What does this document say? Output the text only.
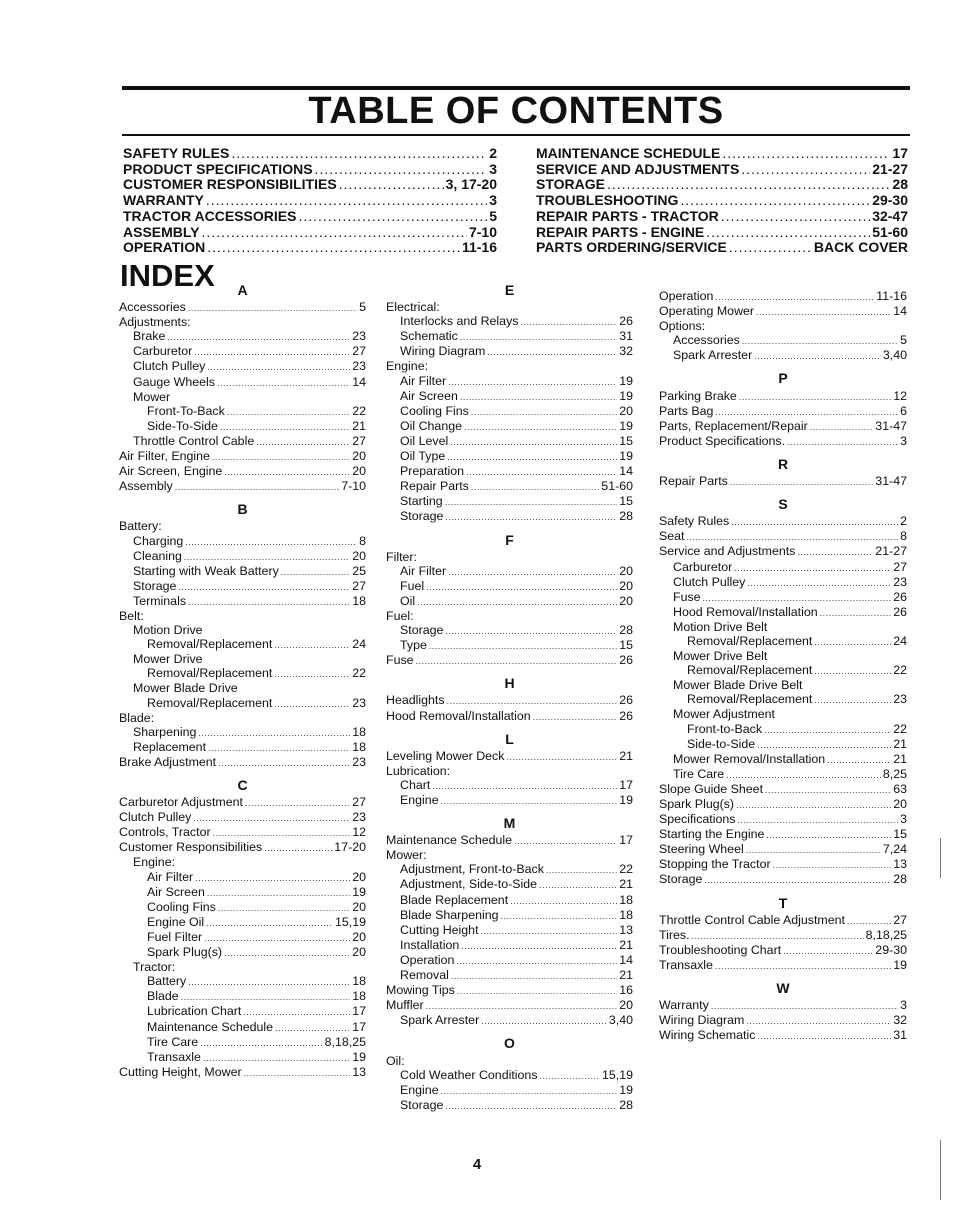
TABLE OF CONTENTS
SAFETY RULES .....	2
PRODUCT SPECIFICATIONS .....	3
CUSTOMER RESPONSIBILITIES .....	3, 17-20
WARRANTY .....	3
TRACTOR ACCESSORIES .....	5
ASSEMBLY .....	7-10
OPERATION .....	11-16
MAINTENANCE SCHEDULE .....	17
SERVICE AND ADJUSTMENTS .....	21-27
STORAGE .....	28
TROUBLESHOOTING .....	29-30
REPAIR PARTS - TRACTOR .....	32-47
REPAIR PARTS - ENGINE .....	51-60
PARTS ORDERING/SERVICE .....	BACK COVER
INDEX	A
Accessories .....	5
Adjustments:
Brake .....	23
Carburetor .....	27
Clutch Pulley .....	23
Gauge Wheels .....	14
Mower
Front-To-Back .....	22
Side-To-Side .....	21
Throttle Control Cable .....	27
Air Filter, Engine .....	20
Air Screen, Engine .....	20
Assembly .....	7-10
B
Battery:
Charging .....	8
Cleaning .....	20
Starting with Weak Battery .....	25
Storage .....	27
Terminals .....	18
Belt:
Motion Drive
Removal/Replacement .....	24
Mower Drive
Removal/Replacement .....	22
Mower Blade Drive
Removal/Replacement .....	23
Blade:
Sharpening .....	18
Replacement .....	18
Brake Adjustment .....	23
C
Carburetor Adjustment .....	27
Clutch Pulley .....	23
Controls, Tractor .....	12
Customer Responsibilities .....	17-20
Engine:
Air Filter .....	20
Air Screen .....	19
Cooling Fins .....	20
Engine Oil .....	15,19
Fuel Filter .....	20
Spark Plug(s) .....	20
Tractor:
Battery .....	18
Blade .....	18
Lubrication Chart .....	17
Maintenance Schedule .....	17
Tire Care .....	8,18,25
Transaxle .....	19
Cutting Height, Mower .....	13
E
Electrical:
Interlocks and Relays .....	26
Schematic .....	31
Wiring Diagram .....	32
Engine:
Air Filter .....	19
Air Screen .....	19
Cooling Fins .....	20
Oil Change .....	19
Oil Level .....	15
Oil Type .....	19
Preparation .....	14
Repair Parts .....	51-60
Starting .....	15
Storage .....	28
F
Filter:
Air Filter .....	20
Fuel .....	20
Oil .....	20
Fuel:
Storage .....	28
Type .....	15
Fuse .....	26
H
Headlights .....	26
Hood Removal/Installation .....	26
L
Leveling Mower Deck .....	21
Lubrication:
Chart .....	17
Engine .....	19
M
Maintenance Schedule .....	17
Mower:
Adjustment, Front-to-Back .....	22
Adjustment, Side-to-Side .....	21
Blade Replacement .....	18
Blade Sharpening .....	18
Cutting Height .....	13
Installation .....	21
Operation .....	14
Removal .....	21
Mowing Tips .....	16
Muffler .....	20
Spark Arrester .....	3,40
O
Oil:
Cold Weather Conditions .....	15,19
Engine .....	19
Storage .....	28
Operation .....	11-16
Operating Mower .....	14
Options:
Accessories .....	5
Spark Arrester .....	3,40
P
Parking Brake .....	12
Parts Bag .....	6
Parts, Replacement/Repair .....	31-47
Product Specifications. .....	3
R
Repair Parts .....	31-47
S
Safety Rules .....	2
Seat .....	8
Service and Adjustments .....	21-27
Carburetor .....	27
Clutch Pulley .....	23
Fuse .....	26
Hood Removal/Installation .....	26
Motion Drive Belt
Removal/Replacement .....	24
Mower Drive Belt
Removal/Replacement .....	22
Mower Blade Drive Belt
Removal/Replacement .....	23
Mower Adjustment
Front-to-Back .....	22
Side-to-Side .....	21
Mower Removal/Installation .....	21
Tire Care .....	8,25
Slope Guide Sheet .....	63
Spark Plug(s) .....	20
Specifications .....	3
Starting the Engine .....	15
Steering Wheel .....	7,24
Stopping the Tractor .....	13
Storage .....	28
T
Throttle Control Cable Adjustment .....	27
Tires. .....	8,18,25
Troubleshooting Chart .....	29-30
Transaxle .....	19
W
Warranty .....	3
Wiring Diagram .....	32
Wiring Schematic .....	31
4
